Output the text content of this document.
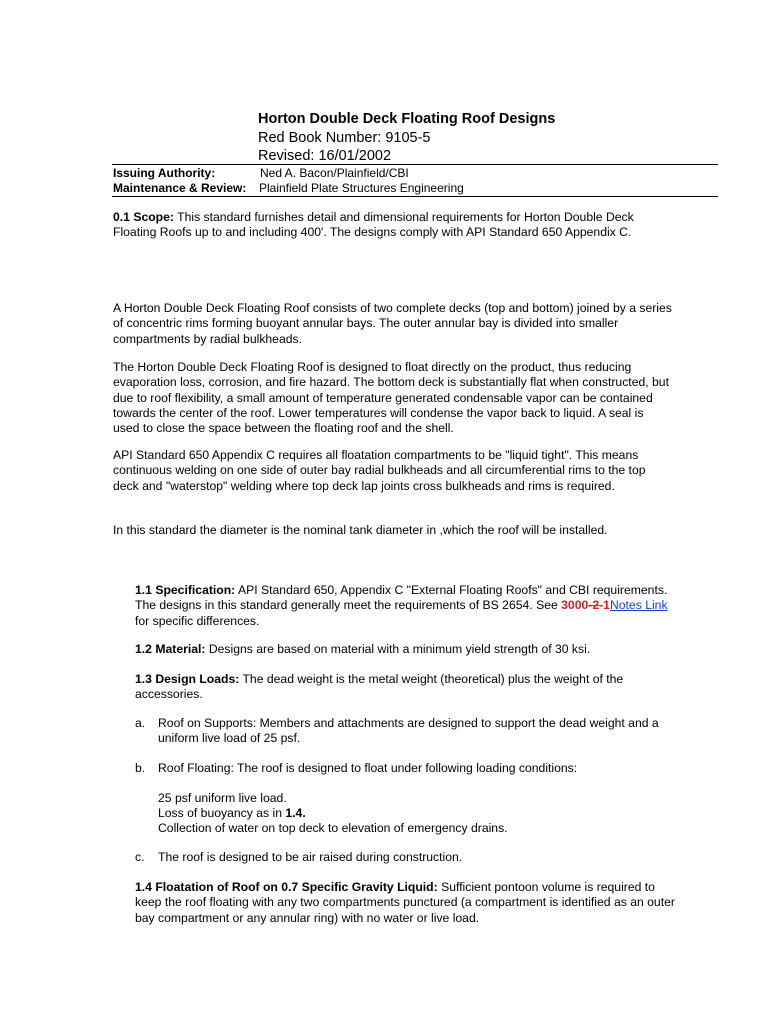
Horton Double Deck Floating Roof Designs
Red Book Number: 9105-5
Revised: 16/01/2002
Issuing Authority:	Ned A. Bacon/Plainfield/CBI
Maintenance & Review: Plainfield Plate Structures Engineering

0.1 Scope: This standard furnishes detail and dimensional requirements for Horton Double Deck Floating Roofs up to and including 400'. The designs comply with API Standard 650 Appendix C.

A Horton Double Deck Floating Roof consists of two complete decks (top and bottom) joined by a series of concentric rims forming buoyant annular bays. The outer annular bay is divided into smaller compartments by radial bulkheads.

The Horton Double Deck Floating Roof is designed to float directly on the product, thus reducing evaporation loss, corrosion, and fire hazard. The bottom deck is substantially flat when constructed, but due to roof flexibility, a small amount of temperature generated condensable vapor can be contained towards the center of the roof. Lower temperatures will condense the vapor back to liquid. A seal is used to close the space between the floating roof and the shell.

API Standard 650 Appendix C requires all floatation compartments to be "liquid tight". This means continuous welding on one side of outer bay radial bulkheads and all circumferential rims to the top deck and "waterstop" welding where top deck lap joints cross bulkheads and rims is required.

In this standard the diameter is the nominal tank diameter in ,which the roof will be installed.

1.1 Specification: API Standard 650, Appendix C "External Floating Roofs" and CBI requirements. The designs in this standard generally meet the requirements of BS 2654. See 3000-2-1Notes Link for specific differences.

1.2 Material: Designs are based on material with a minimum yield strength of 30 ksi.

1.3 Design Loads: The dead weight is the metal weight (theoretical) plus the weight of the accessories.

a. Roof on Supports: Members and attachments are designed to support the dead weight and a uniform live load of 25 psf.
b. Roof Floating: The roof is designed to float under following loading conditions:
25 psf uniform live load.
Loss of buoyancy as in 1.4.
Collection of water on top deck to elevation of emergency drains.
c. The roof is designed to be air raised during construction.

1.4 Floatation of Roof on 0.7 Specific Gravity Liquid: Sufficient pontoon volume is required to keep the roof floating with any two compartments punctured (a compartment is identified as an outer bay compartment or any annular ring) with no water or live load.
